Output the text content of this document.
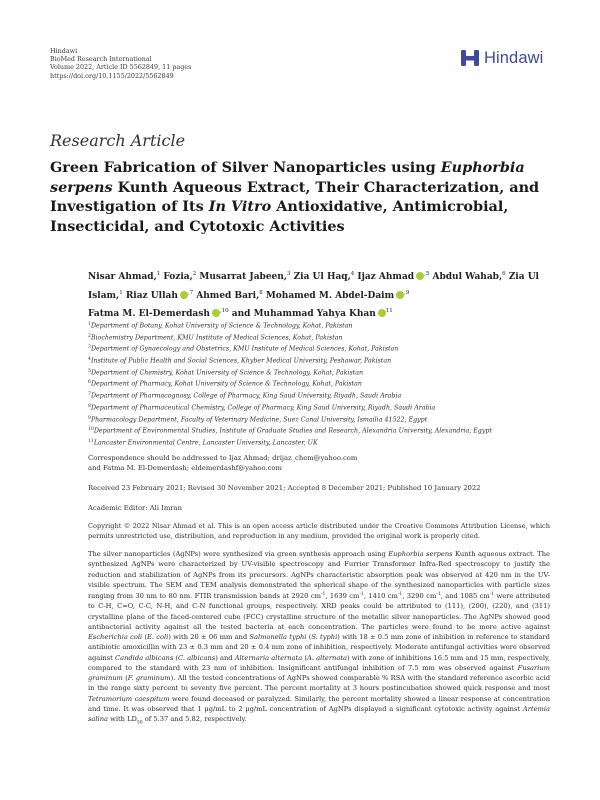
Hindawi
BioMed Research International
Volume 2022, Article ID 5562849, 11 pages
https://doi.org/10.1155/2022/5562849
Hindawi
Research Article
Green Fabrication of Silver Nanoparticles using Euphorbia serpens Kunth Aqueous Extract, Their Characterization, and Investigation of Its In Vitro Antioxidative, Antimicrobial, Insecticidal, and Cytotoxic Activities
Nisar Ahmad,$^1$ Fozia,$^2$ Musarrat Jabeen,$^3$ Zia Ul Haq,$^4$ Ijaz Ahmad $^{,5}$ Abdul Wahab,$^6$ Zia Ul Islam,$^1$ Riaz Ullah $^{,7}$ Ahmed Bari,$^8$ Mohamed M. Abdel-Daim $^{,9}$
Fatma M. El-Demerdash $^{,10}$ and Muhammad Yahya Khan $^{11}$
$^1$Department of Botany, Kohat University of Science & Technology, Kohat, Pakistan
$^2$Biochemistry Department, KMU Institute of Medical Sciences, Kohat, Pakistan
$^3$Department of Gynaecology and Obstetrics, KMU Institute of Medical Sciences, Kohat, Pakistan
$^4$Institute of Public Health and Social Sciences, Khyber Medical University, Peshawar, Pakistan
$^5$Department of Chemistry, Kohat University of Science & Technology, Kohat, Pakistan
$^6$Department of Pharmacy, Kohat University of Science & Technology, Kohat, Pakistan
$^7$Department of Pharmacognosy, College of Pharmacy, King Saud University, Riyadh, Saudi Arabia
$^8$Department of Pharmaceutical Chemistry, College of Pharmacy, King Saud University, Riyadh, Saudi Arabia
$^9$Pharmacology Department, Faculty of Veterinary Medicine, Suez Canal University, Ismailia 41522, Egypt
$^{10}$Department of Environmental Studies, Institute of Graduate Studies and Research, Alexandria University, Alexandria, Egypt
$^{11}$Lancaster Environmental Centre, Lancaster University, Lancaster, UK
Correspondence should be addressed to Ijaz Ahmad; drijaz_chem@yahoo.com
and Fatma M. El-Demerdash; eldemerdashf@yahoo.com
Received 23 February 2021; Revised 30 November 2021; Accepted 8 December 2021; Published 10 January 2022
Academic Editor: Ali Imran
Copyright © 2022 Nisar Ahmad et al. This is an open access article distributed under the Creative Commons Attribution License, which permits unrestricted use, distribution, and reproduction in any medium, provided the original work is properly cited.
The silver nanoparticles (AgNPs) were synthesized via green synthesis approach using Euphorbia serpens Kunth aqueous extract. The synthesized AgNPs were characterized by UV-visible spectroscopy and Furrier Transformer Infra-Red spectroscopy to justify the reduction and stabilization of AgNPs from its precursors. AgNPs characteristic absorption peak was observed at 420 nm in the UV-visible spectrum. The SEM and TEM analysis demonstrated the spherical shape of the synthesized nanoparticles with particle sizes ranging from 30 nm to 80 nm. FTIR transmission bands at 2920 $cm^{-1}$, 1639 $cm^{-1}$, 1410 $cm^{-1}$, 3290 $cm^{-1}$, and 1085 $cm^{-1}$ were attributed to C-H, C=O, C-C, N-H, and C-N functional groups, respectively. XRD peaks could be attributed to (111), (200), (220), and (311) crystalline plane of the faced-centered cube (FCC) crystalline structure of the metallic silver nanoparticles. The AgNPs showed good antibacterial activity against all the tested bacteria at each concentration. The particles were found to be more active against Escherichia coli (E. coli) with 20 ± 06 mm and Salmonella typhi (S. typhi) with 18 ± 0.5 mm zone of inhibition in reference to standard antibiotic amoxicillin with 23 ± 0.3 mm and 20 ± 0.4 mm zone of inhibition, respectively. Moderate antifungal activities were observed against Candida albicans (C. albicans) and Alternaria alternata (A. alternata) with zone of inhibitions 16.5 mm and 15 mm, respectively, compared to the standard with 23 mm of inhibition. Insignificant antifungal inhibition of 7.5 mm was observed against Fusarium graminum (F. graminum). All the tested concentrations of AgNPs showed comparable % RSA with the standard reference ascorbic acid in the range sixty percent to seventy five percent. The percent mortality at 3 hours postincubation showed quick response and most Tetramorium caespitum were found deceased or paralyzed. Similarly, the percent mortality showed a linear response at concentration and time. It was observed that 1 μg/mL to 2 μg/mL concentration of AgNPs displayed a significant cytotoxic activity against Artemia salina with $LD_{50}$ of 5.37 and 5.82, respectively.
